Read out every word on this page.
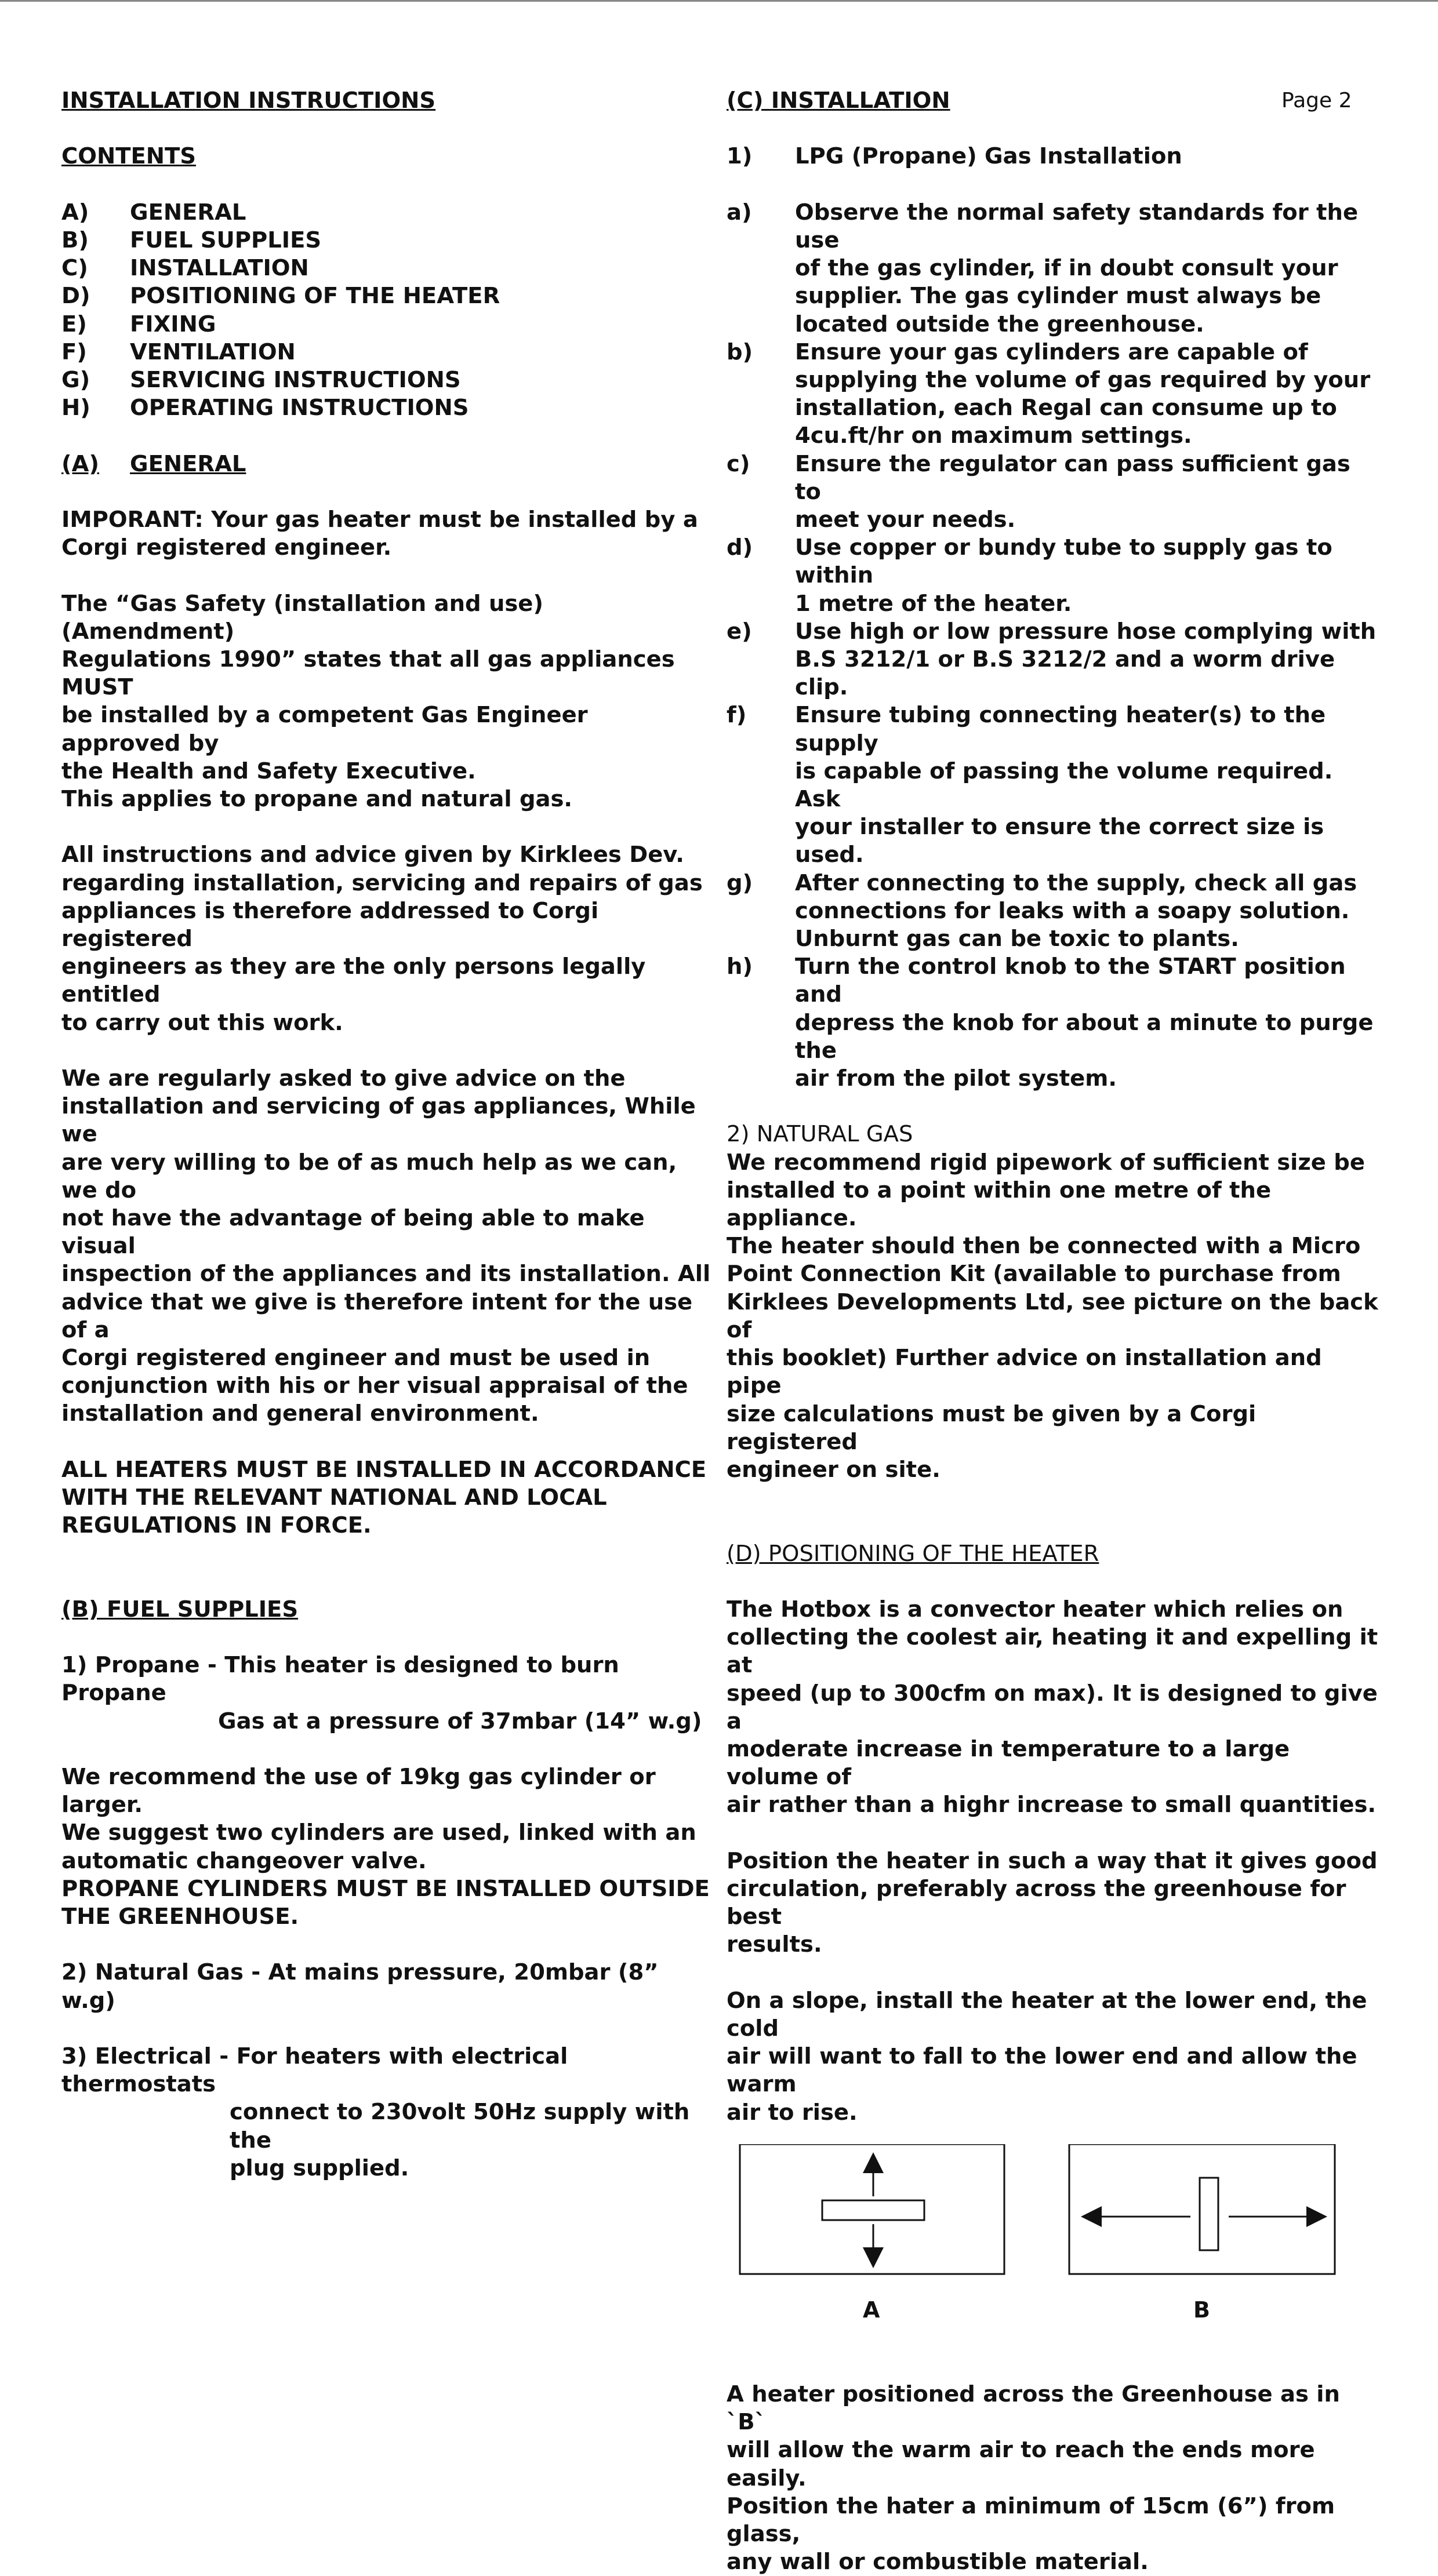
Page 2

INSTALLATION INSTRUCTIONS

CONTENTS

A)	GENERAL
B)	FUEL SUPPLIES
C)	INSTALLATION
D)	POSITIONING OF THE HEATER
E)	FIXING
F)	VENTILATION
G)	SERVICING INSTRUCTIONS
H)	OPERATING INSTRUCTIONS
(A)	GENERAL

IMPORANT: Your gas heater must be installed by a

Corgi registered engineer.

The “Gas Safety (installation and use) (Amendment)

Regulations 1990” states that all gas appliances MUST

be installed by a competent Gas Engineer approved by

the Health and Safety Executive.

This applies to propane and natural gas.

All instructions and advice given by Kirklees Dev.

regarding installation, servicing and repairs of gas

appliances is therefore addressed to Corgi registered

engineers as they are the only persons legally entitled

to carry out this work.

We are regularly asked to give advice on the

installation and servicing of gas appliances, While we

are very willing to be of as much help as we can, we do

not have the advantage of being able to make visual

inspection of the appliances and its installation. All

advice that we give is therefore intent for the use of a

Corgi registered engineer and must be used in

conjunction with his or her visual appraisal of the

installation and general environment.

ALL HEATERS MUST BE INSTALLED IN ACCORDANCE

WITH THE RELEVANT NATIONAL AND LOCAL

REGULATIONS IN FORCE.

(B) FUEL SUPPLIES

1) Propane - This heater is designed to burn Propane

Gas at a pressure of 37mbar (14” w.g)

We recommend the use of 19kg gas cylinder or larger.

We suggest two cylinders are used, linked with an

automatic changeover valve.

PROPANE CYLINDERS MUST BE INSTALLED OUTSIDE

THE GREENHOUSE.

2) Natural Gas - At mains pressure, 20mbar (8” w.g)

3) Electrical - For heaters with electrical thermostats

connect to 230volt 50Hz supply with the

plug supplied.

(C) INSTALLATION

1)	LPG (Propane) Gas Installation
a)	Observe the normal safety standards for the use

of the gas cylinder, if in doubt consult your

supplier. The gas cylinder must always be

located outside the greenhouse.

b)	Ensure your gas cylinders are capable of

supplying the volume of gas required by your

installation, each Regal can consume up to

4cu.ft/hr on maximum settings.

c)	Ensure the regulator can pass sufficient gas to

meet your needs.

d)	Use copper or bundy tube to supply gas to within

1 metre of the heater.

e)	Use high or low pressure hose complying with

B.S 3212/1 or B.S 3212/2 and a worm drive clip.

f)	Ensure tubing connecting heater(s) to the supply

is capable of passing the volume required. Ask

your installer to ensure the correct size is used.

g)	After connecting to the supply, check all gas

connections for leaks with a soapy solution.

Unburnt gas can be toxic to plants.

h)	Turn the control knob to the START position and

depress the knob for about a minute to purge the

air from the pilot system.

2) NATURAL GAS

We recommend rigid pipework of sufficient size be

installed to a point within one metre of the appliance.

The heater should then be connected with a Micro

Point Connection Kit (available to purchase from

Kirklees Developments Ltd, see picture on the back of

this booklet) Further advice on installation and pipe

size calculations must be given by a Corgi registered

engineer on site.

(D) POSITIONING OF THE HEATER

The Hotbox is a convector heater which relies on

collecting the coolest air, heating it and expelling it at

speed (up to 300cfm on max). It is designed to give a

moderate increase in temperature to a large volume of

air rather than a highr increase to small quantities.

Position the heater in such a way that it gives good

circulation, preferably across the greenhouse for best

results.

On a slope, install the heater at the lower end, the cold

air will want to fall to the lower end and allow the warm

air to rise.

A	B

A heater positioned across the Greenhouse as in `B`

will allow the warm air to reach the ends more easily.

Position the hater a minimum of 15cm (6”) from glass,

any wall or combustible material.
